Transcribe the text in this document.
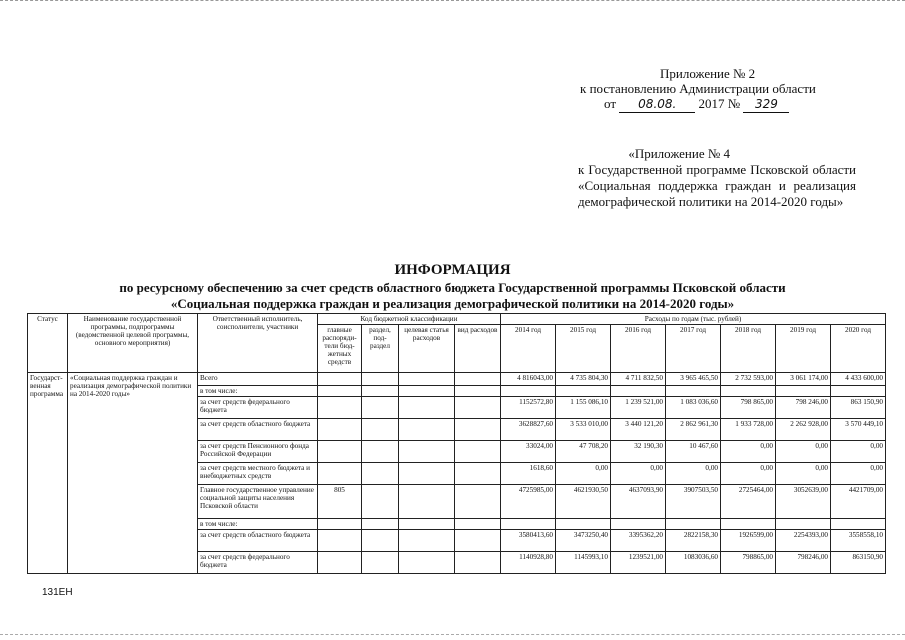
Приложение № 2
к постановлению Администрации области
от 08.08. 2017 № 329
«Приложение № 4
к Государственной программе Псковской области «Социальная поддержка граждан и реализация демографической политики на 2014-2020 годы»
ИНФОРМАЦИЯ
по ресурсному обеспечению за счет средств областного бюджета Государственной программы Псковской области
«Социальная поддержка граждан и реализация демографической политики на 2014-2020 годы»
Статус	Наименование государственной программы, подпрограммы (ведомственной целевой программы, основного мероприятия)	Ответственный исполнитель, соисполнители, участники	Код бюджетной классификации				Расходы по годам (тыс. рублей)						
			главные распоряди-тели бюд-жетных средств	раздел, под-раздел	целевая статья расходов	вид расходов	2014 год	2015 год	2016 год	2017 год	2018 год	2019 год	2020 год
Государст-венная программа	«Социальная поддержка граждан и реализация демографической политики на 2014-2020 годы»	Всего					4 816043,00	4 735 804,30	4 711 832,50	3 965 465,50	2 732 593,00	3 061 174,00	4 433 600,00
		в том числе:											
		за счет средств федерального бюджета					1152572,80	1 155 086,10	1 239 521,00	1 083 036,60	798 865,00	798 246,00	863 150,90
		за счет средств областного бюджета					3628827,60	3 533 010,00	3 440 121,20	2 862 961,30	1 933 728,00	2 262 928,00	3 570 449,10
		за счет средств Пенсионного фонда Российской Федерации					33024,00	47 708,20	32 190,30	10 467,60	0,00	0,00	0,00
		за счет средств местного бюджета и внебюджетных средств					1618,60	0,00	0,00	0,00	0,00	0,00	0,00
		Главное государственное управление социальной защиты населения Псковской области	805				4725985,00	4621930,50	4637093,90	3907503,50	2725464,00	3052639,00	4421709,00
		в том числе:											
		за счет средств областного бюджета					3580413,60	3473250,40	3395362,20	2822158,30	1926599,00	2254393,00	3558558,10
		за счет средств федерального бюджета					1140928,80	1145993,10	1239521,00	1083036,60	798865,00	798246,00	863150,90
131ЕН
